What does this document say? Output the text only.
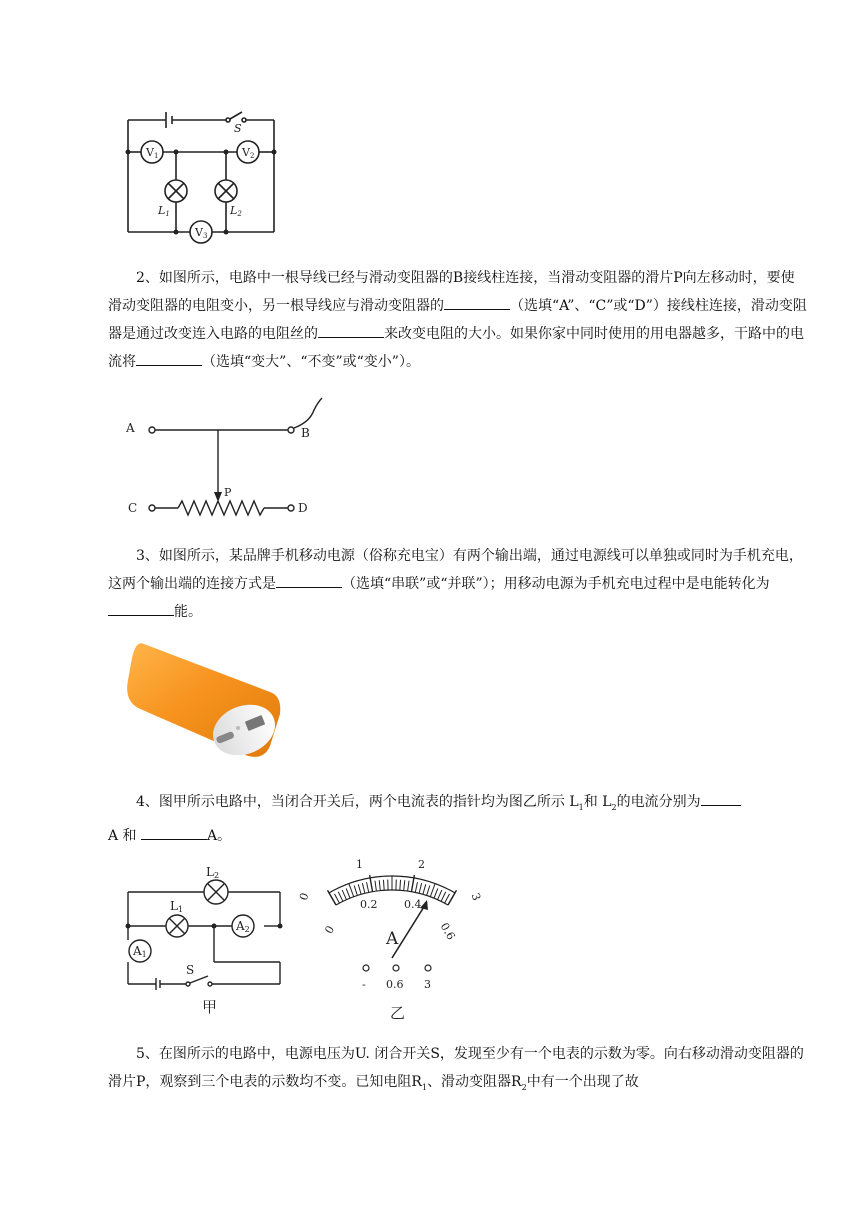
S
V1	V2
V3
L1	L2

2、如图所示，电路中一根导线已经与滑动变阻器的B接线柱连接，当滑动变阻器的滑片P向左移动时，要使滑动变阻器的电阻变小，另一根导线应与滑动变阻器的	（选填“A”、“C”或“D”）接线柱连接，滑动变阻器是通过改变连入电路的电阻丝的	来改变电阻的大小。如果你家中同时使用的用电器越多，干路中的电流将	（选填“变大”、“不变”或“变小”）。

A	B
C	D
P

3、如图所示，某品牌手机移动电源（俗称充电宝）有两个输出端，通过电源线可以单独或同时为手机充电，这两个输出端的连接方式是	（选填“串联”或“并联”）；用移动电源为手机充电过程中是电能转化为能。

4、图甲所示电路中，当闭合开关后，两个电流表的指针均为图乙所示 $L_1$和 $L_2$的电流分别为
A 和	A。

L2
L1
A2
A1
S
甲
0
1	2
3
0
0.2 0.4
0.6
A
- 0.6 3
乙

5、在图所示的电路中，电源电压为U. 闭合开关S，发现至少有一个电表的示数为零。向右移动滑动变阻器的滑片P，观察到三个电表的示数均不变。已知电阻$R_1$、滑动变阻器$R_2$中有一个出现了故
